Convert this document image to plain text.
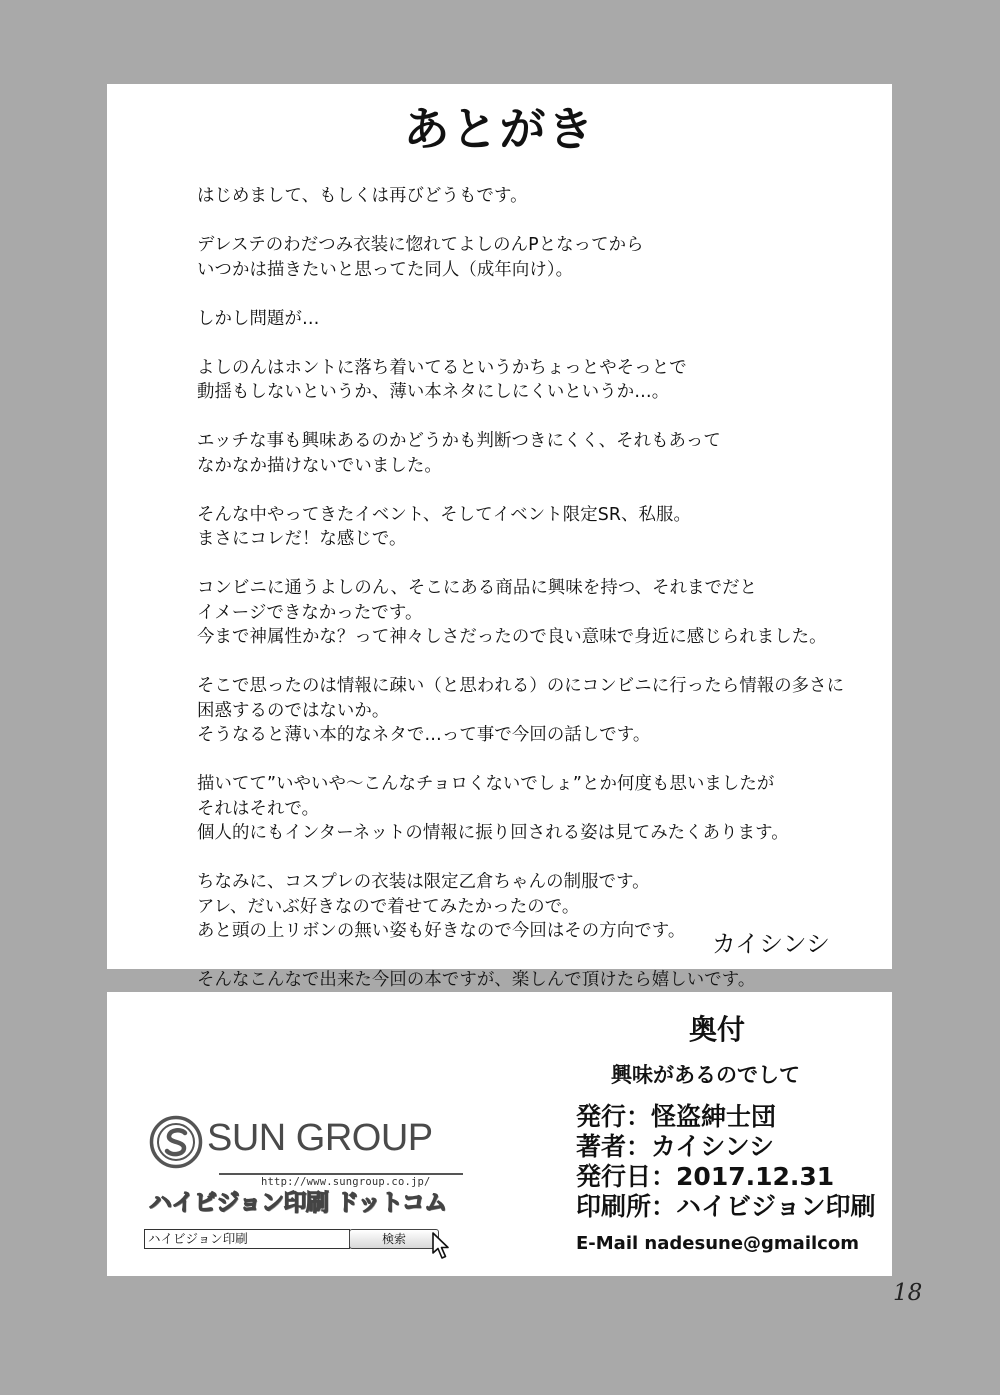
あとがき
はじめまして、もしくは再びどうもです。
デレステのわだつみ衣装に惚れてよしのんPとなってから
いつかは描きたいと思ってた同人（成年向け）。
しかし問題が…
よしのんはホントに落ち着いてるというかちょっとやそっとで
動揺もしないというか、薄い本ネタにしにくいというか…。
エッチな事も興味あるのかどうかも判断つきにくく、それもあって
なかなか描けないでいました。
そんな中やってきたイベント、そしてイベント限定SR、私服。
まさにコレだ！な感じで。
コンビニに通うよしのん、そこにある商品に興味を持つ、それまでだと
イメージできなかったです。
今まで神属性かな？って神々しさだったので良い意味で身近に感じられました。
そこで思ったのは情報に疎い（と思われる）のにコンビニに行ったら情報の多さに
困惑するのではないか。
そうなると薄い本的なネタで…って事で今回の話しです。
描いてて”いやいや～こんなチョロくないでしょ”とか何度も思いましたが
それはそれで。
個人的にもインターネットの情報に振り回される姿は見てみたくあります。
ちなみに、コスプレの衣装は限定乙倉ちゃんの制服です。
アレ、だいぶ好きなので着せてみたかったので。
あと頭の上リボンの無い姿も好きなので今回はその方向です。
そんなこんなで出来た今回の本ですが、楽しんで頂けたら嬉しいです。
カイシンシ
SUN GROUP
http://www.sungroup.co.jp/
ハイビジョン印刷 ドットコム
ハイビジョン印刷	検索
奥付
興味があるのでして
発行：怪盗紳士団
著者：カイシンシ
発行日：2017.12.31
印刷所：ハイビジョン印刷
E-Mail nadesune@gmailcom
18
